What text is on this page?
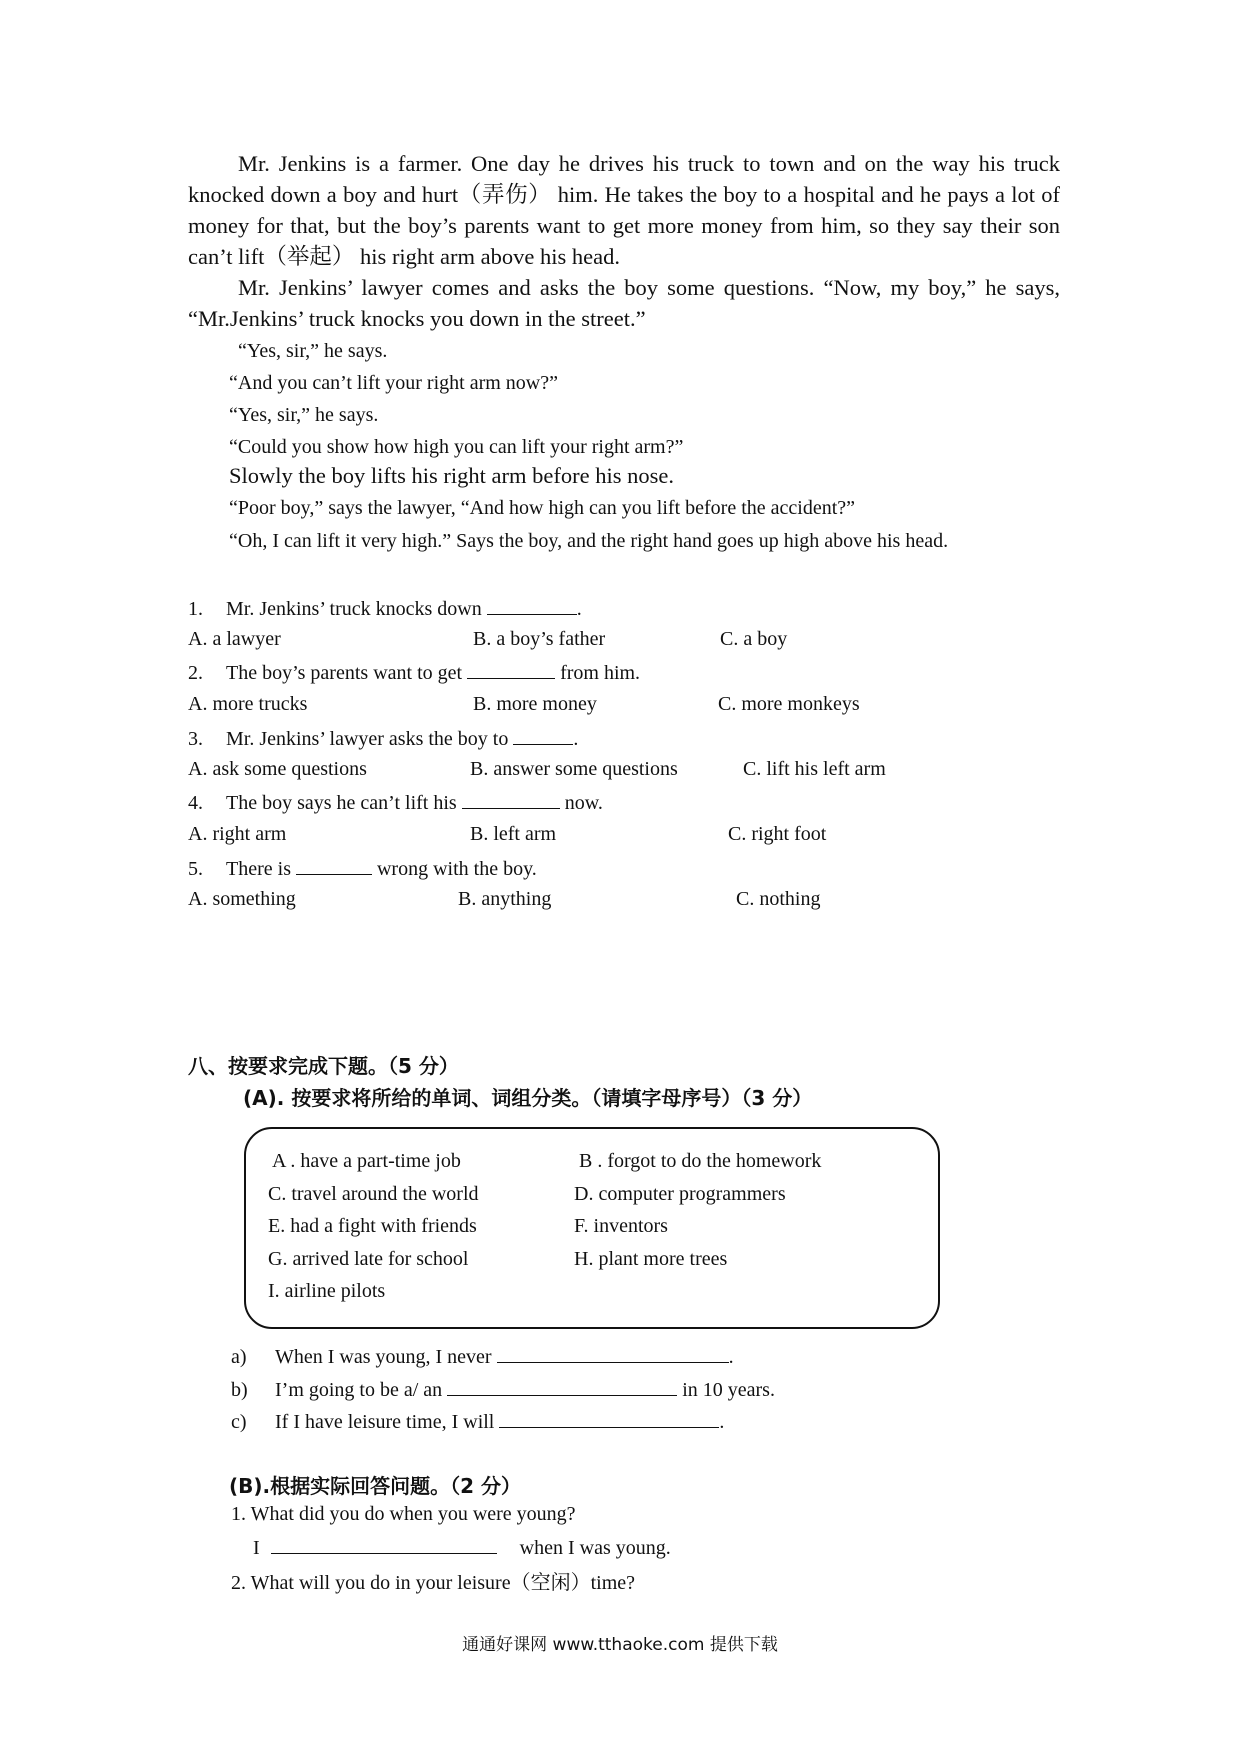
Mr. Jenkins is a farmer. One day he drives his truck to town and on the way his truck knocked down a boy and hurt（弄伤） him. He takes the boy to a hospital and he pays a lot of money for that, but the boy’s parents want to get more money from him, so they say their son can’t lift（举起） his right arm above his head.
Mr. Jenkins’ lawyer comes and asks the boy some questions. “Now, my boy,” he says, “Mr.Jenkins’ truck knocks you down in the street.”
“Yes, sir,” he says.
“And you can’t lift your right arm now?”
“Yes, sir,” he says.
“Could you show how high you can lift your right arm?”
Slowly the boy lifts his right arm before his nose.
“Poor boy,” says the lawyer, “And how high can you lift before the accident?”
“Oh, I can lift it very high.” Says the boy, and the right hand goes up high above his head.
1. Mr. Jenkins’ truck knocks down	.
A. a lawyer	B. a boy’s father	C. a boy
2. The boy’s parents want to get	from him.
A. more trucks	B. more money	C. more monkeys
3. Mr. Jenkins’ lawyer asks the boy to	.
A. ask some questions	B. answer some questions	C. lift his left arm
4. The boy says he can’t lift his	now.
A. right arm	B. left arm	C. right foot
5. There is	wrong with the boy.
A. something	B. anything	C. nothing
八、按要求完成下题。（5 分）
(A). 按要求将所给的单词、词组分类。（请填字母序号）（3 分）
A . have a part-time job	B . forgot to do the homework
C. travel around the world	D. computer programmers
E. had a fight with friends	F. inventors
G. arrived late for school	H. plant more trees
I. airline pilots
a) When I was young, I never	.
b) I’m going to be a/ an	in 10 years.
c) If I have leisure time, I will	.
(B).根据实际回答问题。（2 分）
1. What did you do when you were young?
I	when I was young.
2. What will you do in your leisure（空闲）time?
通通好课网 www.tthaoke.com 提供下载
